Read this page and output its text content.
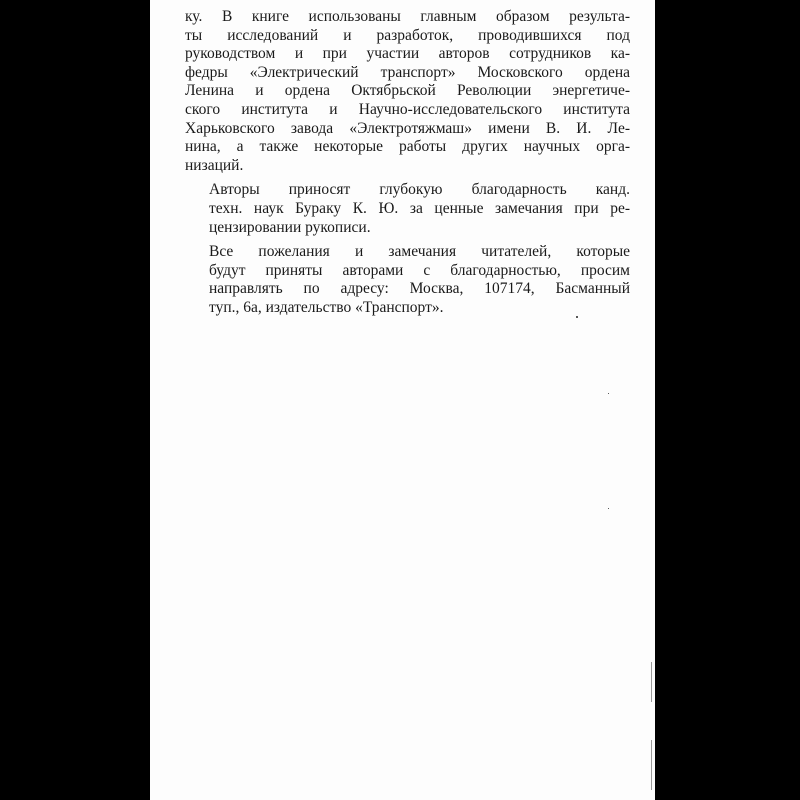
ку. В книге использованы главным образом результа-
ты исследований и разработок, проводившихся под
руководством и при участии авторов сотрудников ка-
федры «Электрический транспорт» Московского ордена
Ленина и ордена Октябрьской Революции энергетиче-
ского института и Научно-исследовательского института
Харьковского завода «Электротяжмаш» имени В. И. Ле-
нина, а также некоторые работы других научных орга-
низаций.
Авторы приносят глубокую благодарность канд.
техн. наук Бураку К. Ю. за ценные замечания при ре-
цензировании рукописи.
Все пожелания и замечания читателей, которые
будут приняты авторами с благодарностью, просим
направлять по адресу: Москва, 107174, Басманный
туп., 6а, издательство «Транспорт».
